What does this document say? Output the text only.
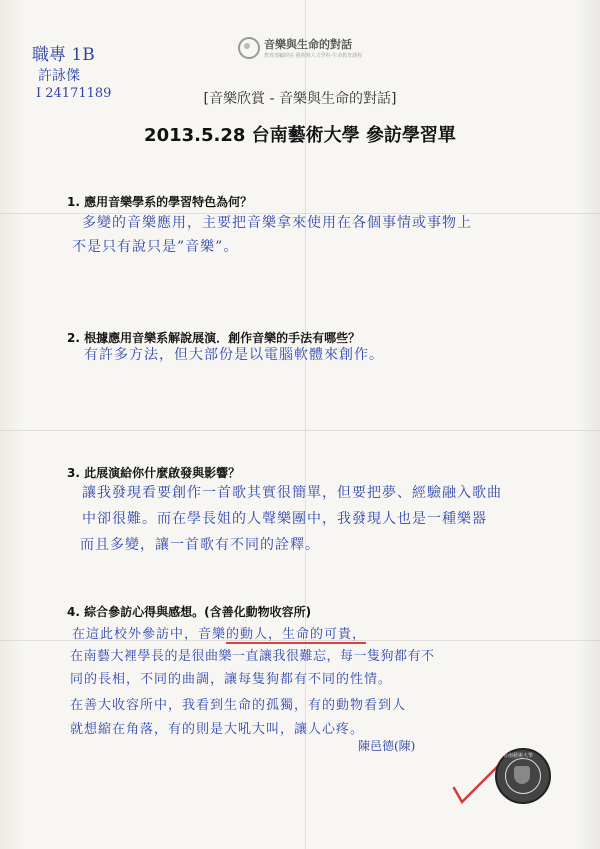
職專 1B
許詠傑
I 24171189
音樂與生命的對話
教育部顧問室·藝術與人文學科·生命教育課程
[音樂欣賞 - 音樂與生命的對話]
2013.5.28 台南藝術大學 參訪學習單
1. 應用音樂學系的學習特色為何？
多變的音樂應用，主要把音樂拿來使用在各個事情或事物上
不是只有說只是”音樂”。
2. 根據應用音樂系解說展演．創作音樂的手法有哪些？
有許多方法，但大部份是以電腦軟體來創作。
3. 此展演給你什麼啟發與影響？
讓我發現看要創作一首歌其實很簡單，但要把夢、經驗融入歌曲
中卻很難。而在學長姐的人聲樂團中，我發現人也是一種樂器
而且多變，讓一首歌有不同的詮釋。
4. 綜合參訪心得與感想。(含善化動物收容所)
在這此校外參訪中，音樂的動人，生命的可貴，
在南藝大裡學長的是很曲樂一直讓我很難忘，每一隻狗都有不
同的長相，不同的曲調，讓每隻狗都有不同的性情。
在善大收容所中，我看到生命的孤獨，有的動物看到人
就想縮在角落，有的則是大吼大叫，讓人心疼。
陳邑德(陳)
台南藝術大學
